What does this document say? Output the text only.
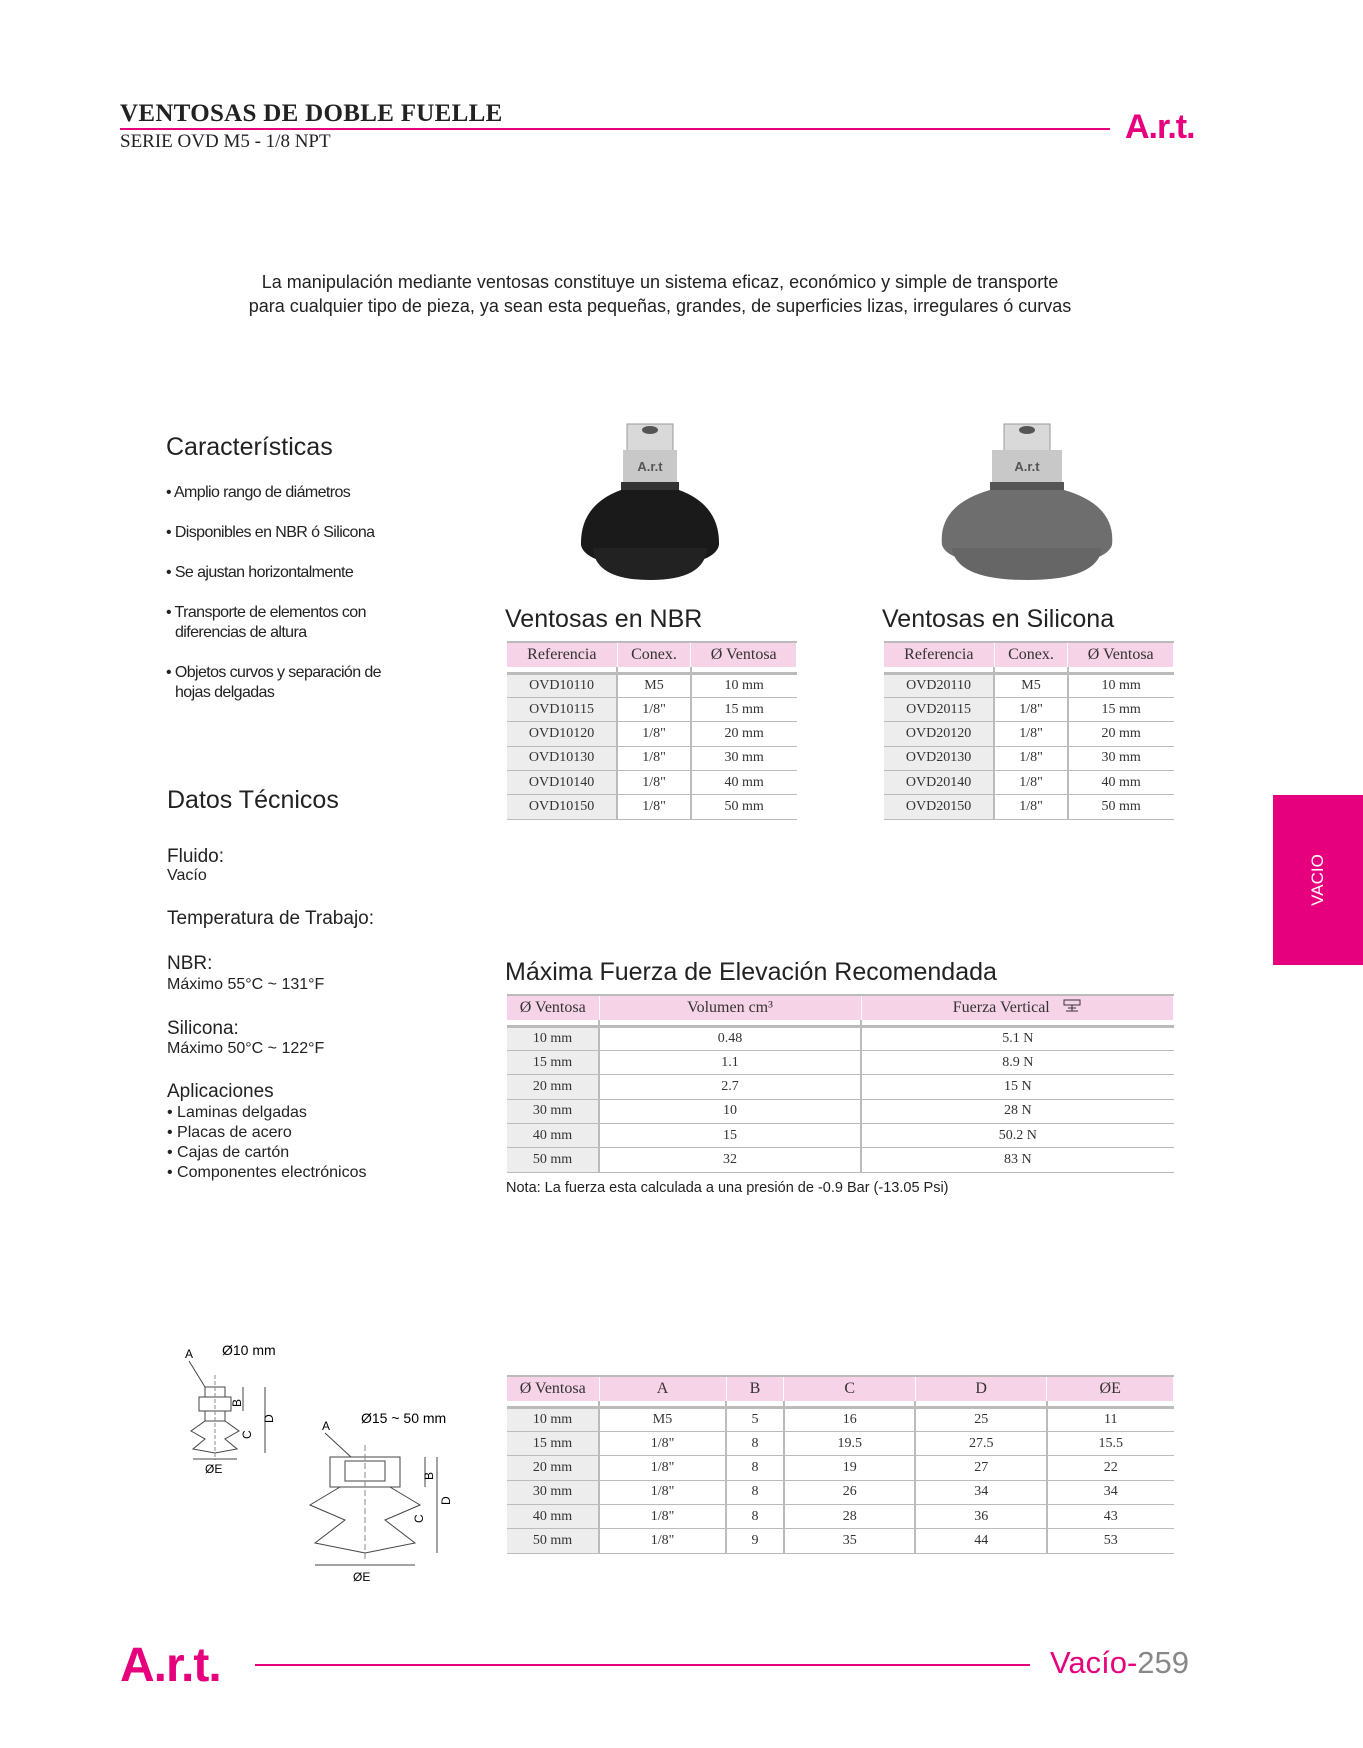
VENTOSAS DE DOBLE FUELLE
SERIE OVD M5 - 1/8 NPT	A.r.t.
La manipulación mediante ventosas constituye un sistema eficaz, económico y simple de transporte
para cualquier tipo de pieza, ya sean esta pequeñas, grandes, de superficies lizas, irregulares ó curvas
Características
• Amplio rango de diámetros
• Disponibles en NBR ó Silicona
• Se ajustan horizontalmente
• Transporte de elementos con
diferencias de altura
• Objetos curvos y separación de
hojas delgadas
Datos Técnicos
Fluido:
Vacío
Temperatura de Trabajo:
NBR:
Máximo 55°C ~ 131°F
Silicona:
Máximo 50°C ~ 122°F
Aplicaciones
• Laminas delgadas
• Placas de acero
• Cajas de cartón
• Componentes electrónicos
A.r.t	A.r.t
Ventosas en NBR
Referencia	Conex.	Ø Ventosa

OVD10110	M5	10 mm
OVD10115	1/8"	15 mm
OVD10120	1/8"	20 mm
OVD10130	1/8"	30 mm
OVD10140	1/8"	40 mm
OVD10150	1/8"	50 mm
Ventosas en Silicona
Referencia	Conex.	Ø Ventosa

OVD20110	M5	10 mm
OVD20115	1/8"	15 mm
OVD20120	1/8"	20 mm
OVD20130	1/8"	30 mm
OVD20140	1/8"	40 mm
OVD20150	1/8"	50 mm
VACIO
Máxima Fuerza de Elevación Recomendada
Ø Ventosa	Volumen cm³	Fuerza Vertical

10 mm	0.48	5.1 N
15 mm	1.1	8.9 N
20 mm	2.7	15 N
30 mm	10	28 N
40 mm	15	50.2 N
50 mm	32	83 N
Nota: La fuerza esta calculada a una presión de -0.9 Bar (-13.05 Psi)
A Ø10 mm
B
C
D
ØE
A Ø15 ~ 50 mm
B
C
D
ØE
Ø Ventosa	A	B	C	D	ØE

10 mm	M5	5	16	25	11
15 mm	1/8"	8	19.5	27.5	15.5
20 mm	1/8"	8	19	27	22
30 mm	1/8"	8	26	34	34
40 mm	1/8"	8	28	36	43
50 mm	1/8"	9	35	44	53
A.r.t.	Vacío-259
